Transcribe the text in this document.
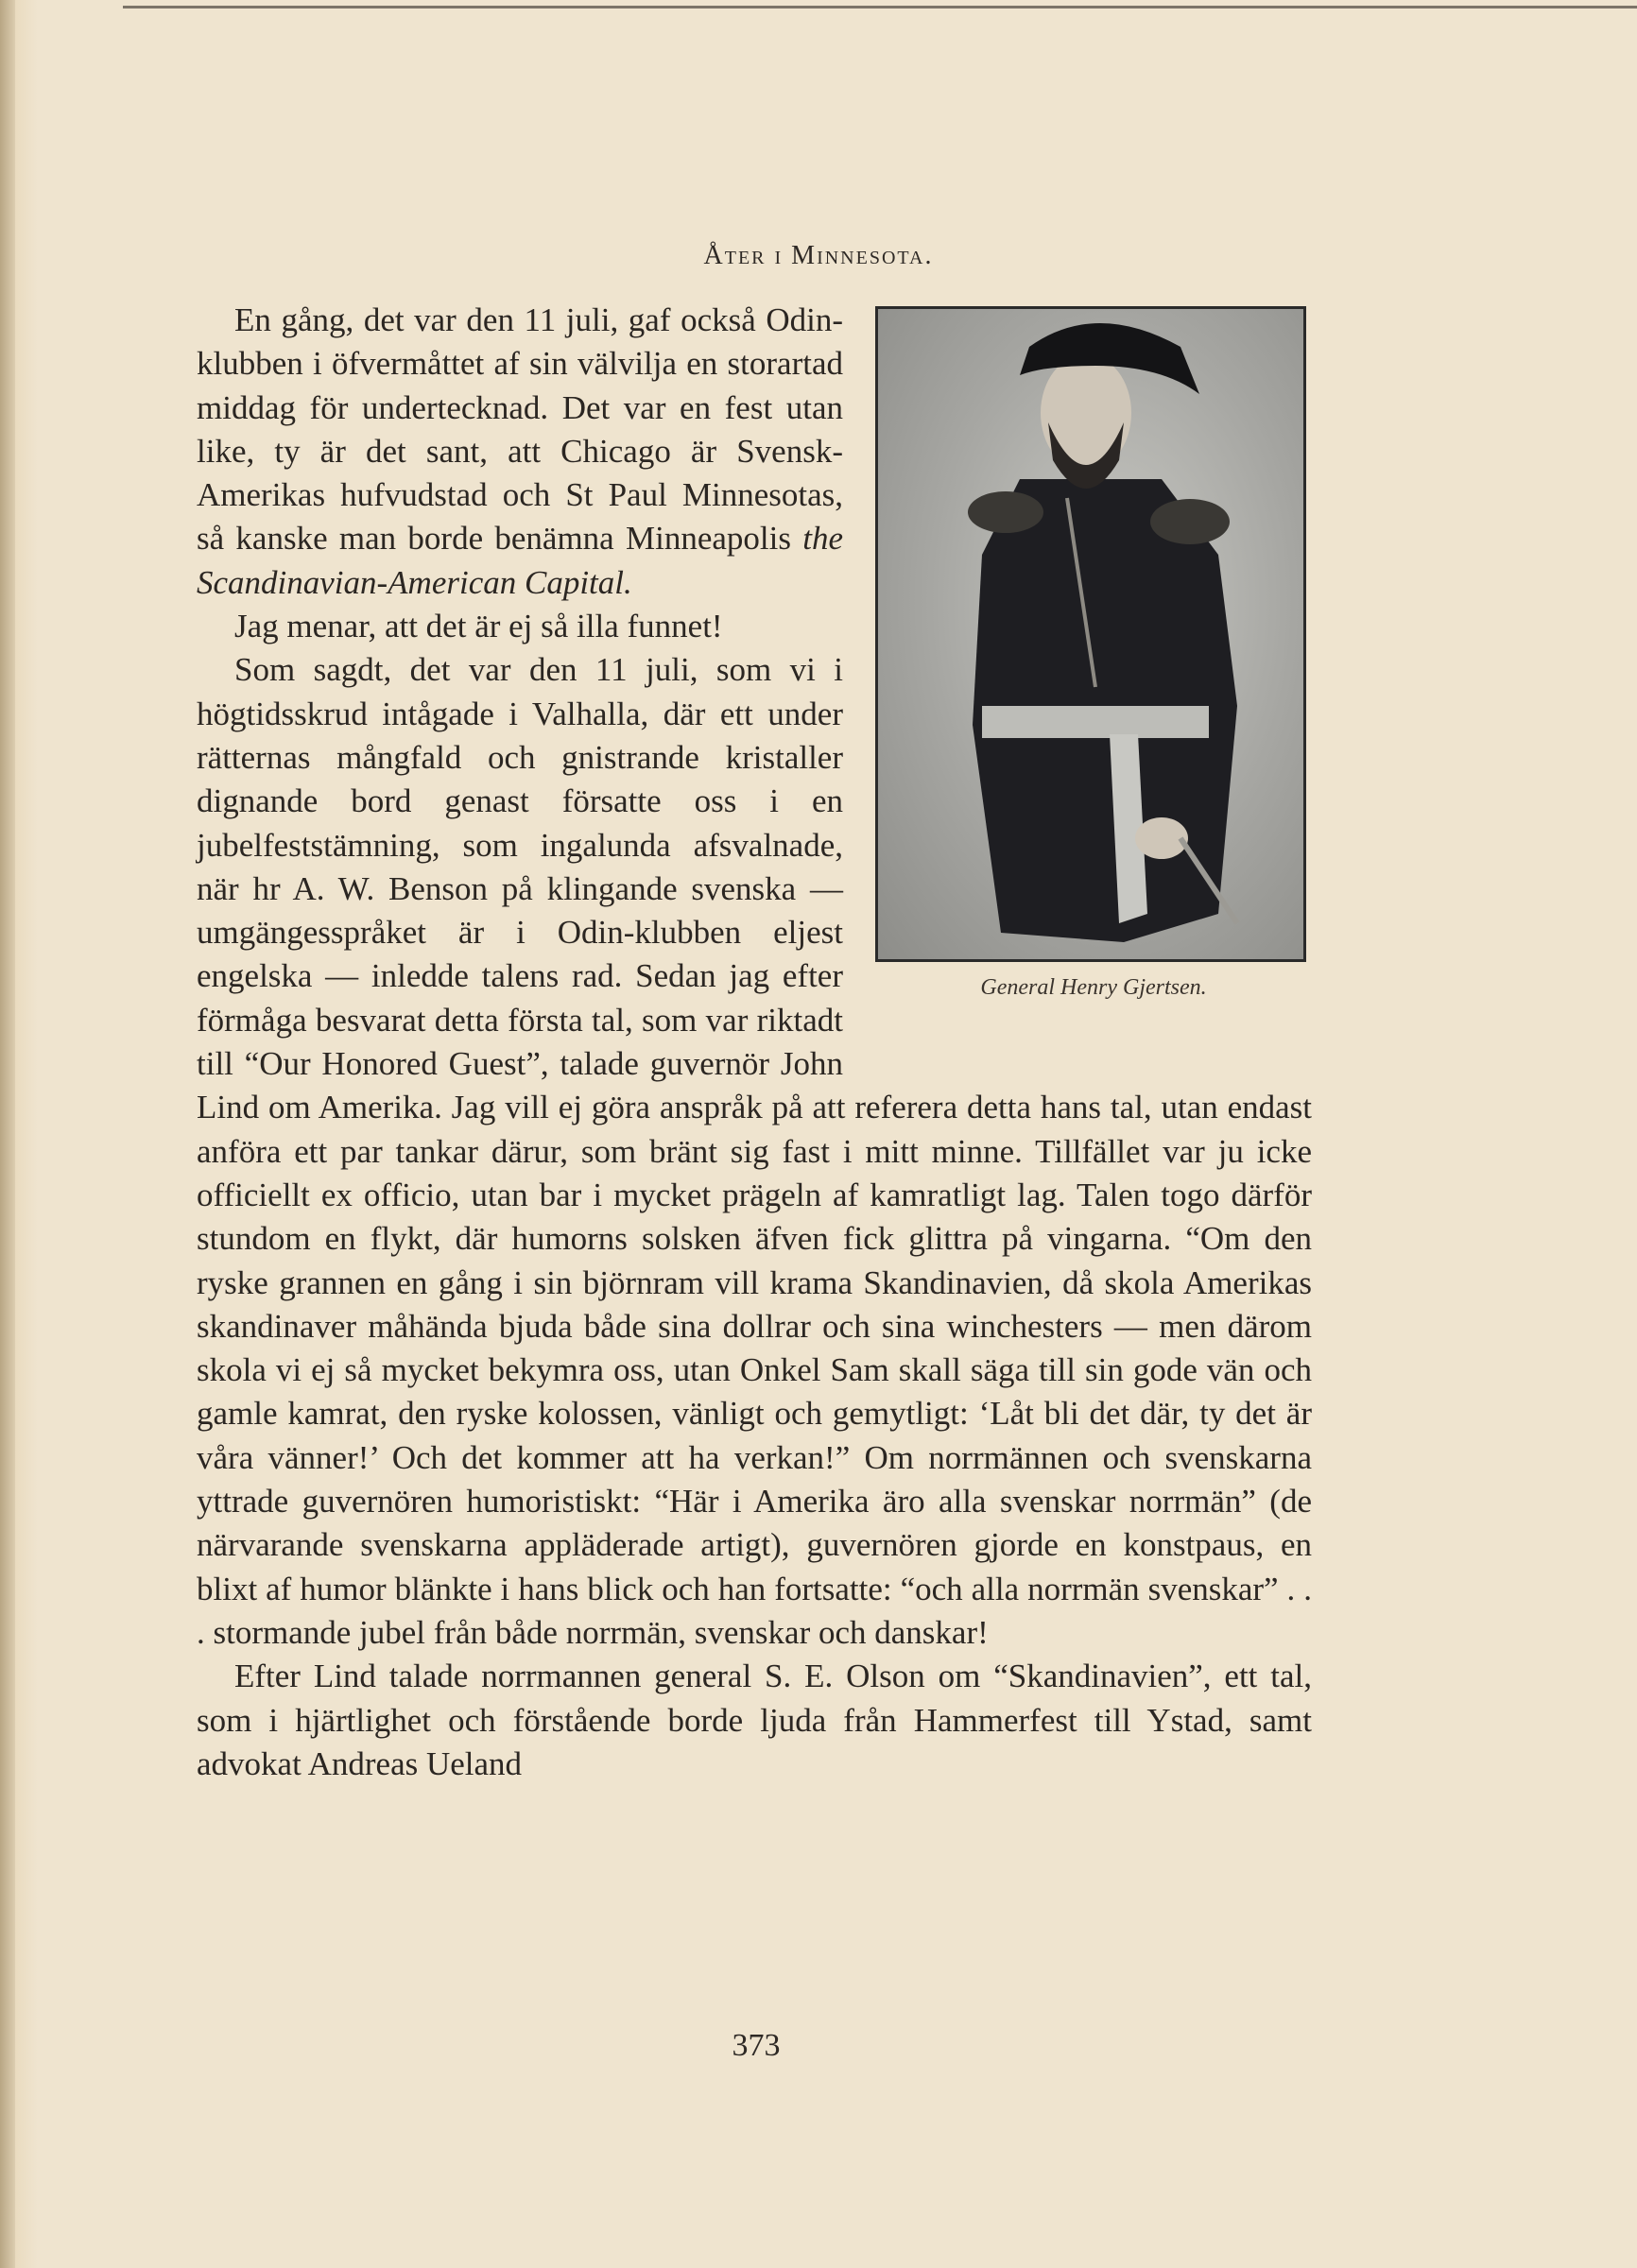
Åter i Minnesota.
General Henry Gjertsen.

En gång, det var den 11 juli, gaf också Odin-klubben i öfvermåttet af sin välvilja en storartad middag för undertecknad. Det var en fest utan like, ty är det sant, att Chicago är Svensk-Amerikas hufvudstad och St Paul Minnesotas, så kanske man borde benämna Minneapolis the Scandinavian-American Capital.

Jag menar, att det är ej så illa funnet!

Som sagdt, det var den 11 juli, som vi i högtidsskrud intågade i Valhalla, där ett under rätternas mångfald och gnistrande kristaller dignande bord genast försatte oss i en jubelfeststämning, som ingalunda afsvalnade, när hr A. W. Benson på klingande svenska — umgängesspråket är i Odin-klubben eljest engelska — inledde talens rad. Sedan jag efter förmåga besvarat detta första tal, som var riktadt till “Our Honored Guest”, talade guvernör John Lind om Amerika. Jag vill ej göra anspråk på att referera detta hans tal, utan endast anföra ett par tankar därur, som bränt sig fast i mitt minne. Tillfället var ju icke officiellt ex officio, utan bar i mycket prägeln af kamratligt lag. Talen togo därför stundom en flykt, där humorns solsken äfven fick glittra på vingarna. “Om den ryske grannen en gång i sin björnram vill krama Skandinavien, då skola Amerikas skandinaver måhända bjuda både sina dollrar och sina winchesters — men därom skola vi ej så mycket bekymra oss, utan Onkel Sam skall säga till sin gode vän och gamle kamrat, den ryske kolossen, vänligt och gemytligt: ‘Låt bli det där, ty det är våra vänner!’ Och det kommer att ha verkan!” Om norrmännen och svenskarna yttrade guvernören humoristiskt: “Här i Amerika äro alla svenskar norrmän” (de närvarande svenskarna appläderade artigt), guvernören gjorde en konstpaus, en blixt af humor blänkte i hans blick och han fortsatte: “och alla norrmän svenskar” . . . stormande jubel från både norrmän, svenskar och danskar!

Efter Lind talade norrmannen general S. E. Olson om “Skandinavien”, ett tal, som i hjärtlighet och förstående borde ljuda från Hammerfest till Ystad, samt advokat Andreas Ueland

373
